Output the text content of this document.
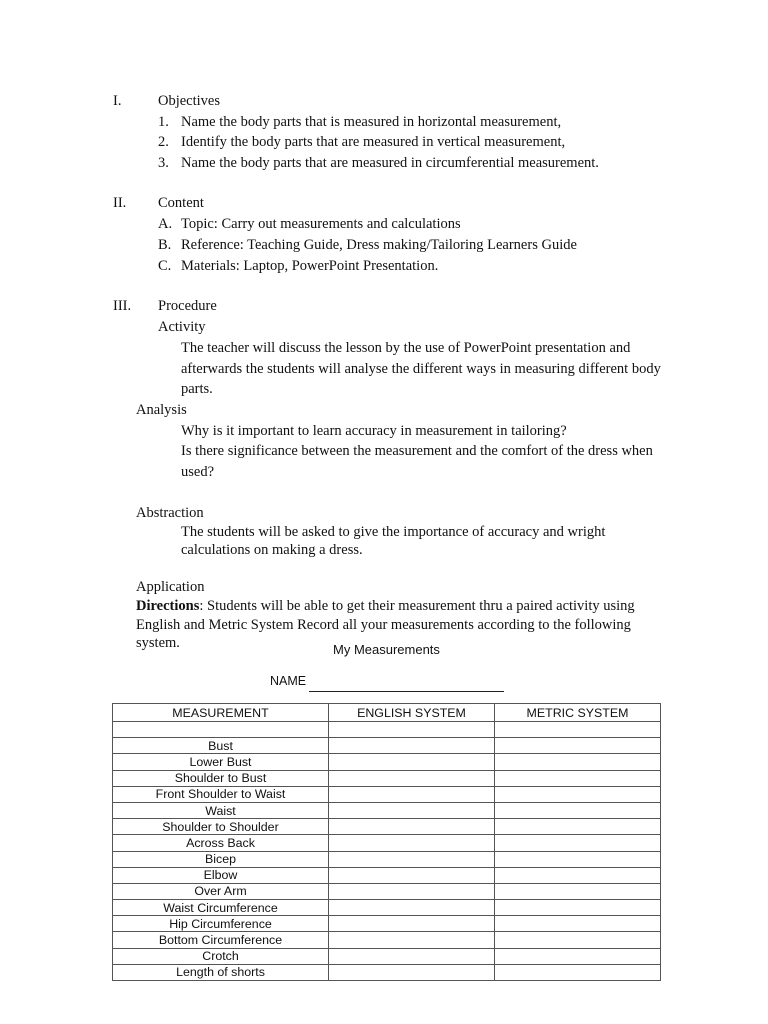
I.	Objectives
1. Name the body parts that is measured in horizontal measurement,
2. Identify the body parts that are measured in vertical measurement,
3. Name the body parts that are measured in circumferential measurement.
II. Content
A. Topic: Carry out measurements and calculations
B. Reference: Teaching Guide, Dress making/Tailoring Learners Guide
C. Materials: Laptop, PowerPoint Presentation.
III. Procedure
Activity
The teacher will discuss the lesson by the use of PowerPoint presentation and afterwards the students will analyse the different ways in measuring different body parts.
Analysis
Why is it important to learn accuracy in measurement in tailoring?
Is there significance between the measurement and the comfort of the dress when used?
Abstraction
The students will be asked to give the importance of accuracy and wright calculations on making a dress.
Application
Directions: Students will be able to get their measurement thru a paired activity using English and Metric System Record all your measurements according to the following system.	My Measurements
NAME
MEASUREMENT	ENGLISH SYSTEM	METRIC SYSTEM

Bust		
Lower Bust		
Shoulder to Bust		
Front Shoulder to Waist		
Waist		
Shoulder to Shoulder		
Across Back		
Bicep		
Elbow		
Over Arm		
Waist Circumference		
Hip Circumference		
Bottom Circumference		
Crotch		
Length of shorts		
